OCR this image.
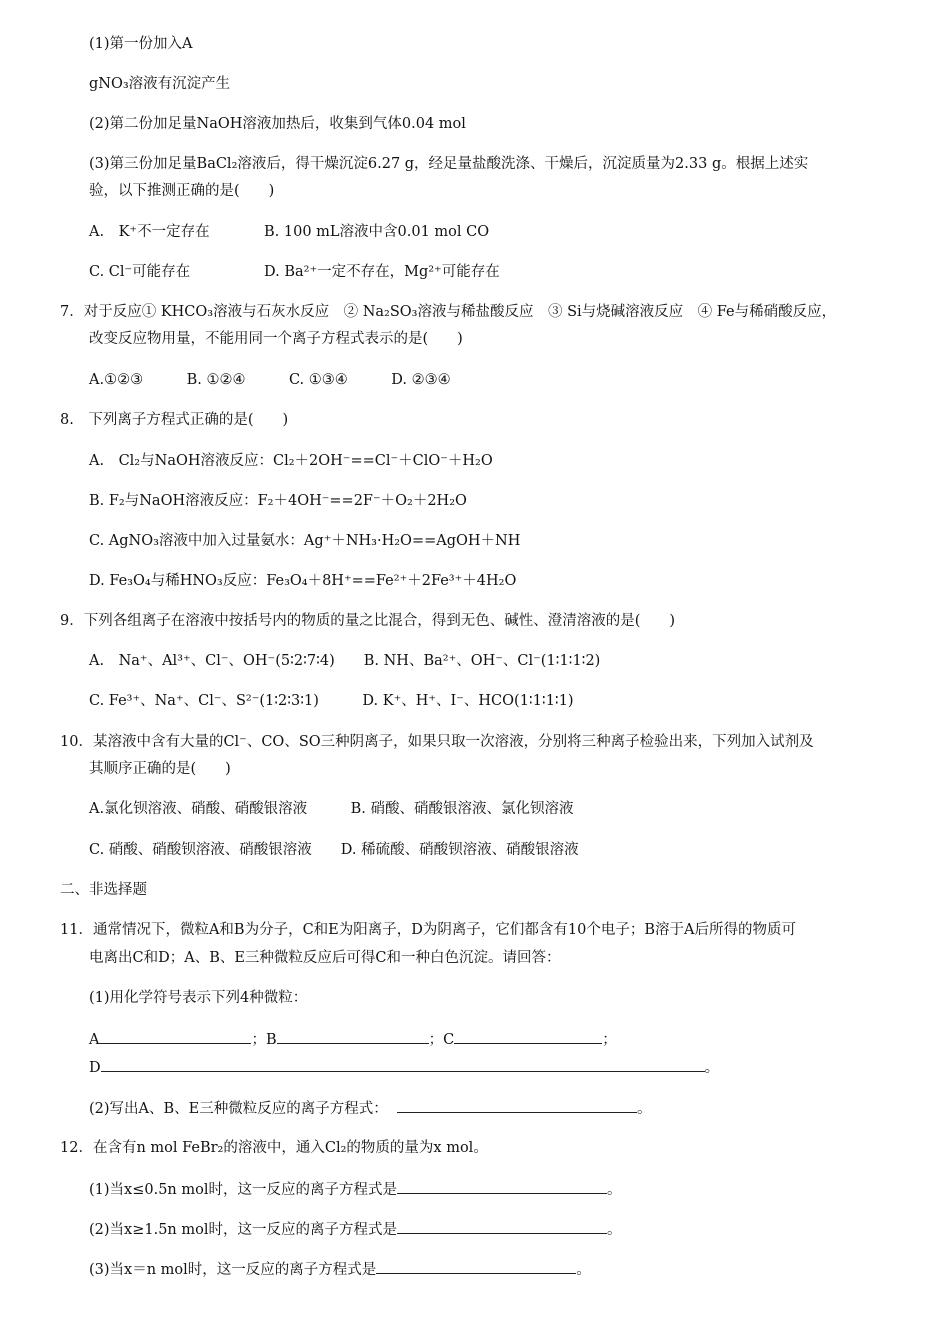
(1)第一份加入A
gNO₃溶液有沉淀产生
(2)第二份加足量NaOH溶液加热后，收集到气体0.04 mol
(3)第三份加足量BaCl₂溶液后，得干燥沉淀6.27 g，经足量盐酸洗涤、干燥后，沉淀质量为2.33 g。根据上述实
验，以下推测正确的是(　　)
A.　K⁺不一定存在	B. 100 mL溶液中含0.01 mol CO
C. Cl⁻可能存在	D. Ba²⁺一定不存在，Mg²⁺可能存在
7．对于反应① KHCO₃溶液与石灰水反应　② Na₂SO₃溶液与稀盐酸反应　③ Si与烧碱溶液反应　④ Fe与稀硝酸反应，
改变反应物用量，不能用同一个离子方程式表示的是(　　)
A.①②③　　　B. ①②④　　　C. ①③④　　　D. ②③④
8.　下列离子方程式正确的是(　　)
A.　Cl₂与NaOH溶液反应：Cl₂＋2OH⁻==Cl⁻＋ClO⁻＋H₂O
B. F₂与NaOH溶液反应：F₂＋4OH⁻==2F⁻＋O₂＋2H₂O
C. AgNO₃溶液中加入过量氨水：Ag⁺＋NH₃·H₂O==AgOH＋NH
D. Fe₃O₄与稀HNO₃反应：Fe₃O₄＋8H⁺==Fe²⁺＋2Fe³⁺＋4H₂O
9．下列各组离子在溶液中按括号内的物质的量之比混合，得到无色、碱性、澄清溶液的是(　　)
A.　Na⁺、Al³⁺、Cl⁻、OH⁻(5∶2∶7∶4)　　B. NH、Ba²⁺、OH⁻、Cl⁻(1∶1∶1∶2)
C. Fe³⁺、Na⁺、Cl⁻、S²⁻(1∶2∶3∶1)　　　D. K⁺、H⁺、I⁻、HCO(1∶1∶1∶1)
10．某溶液中含有大量的Cl⁻、CO、SO三种阴离子，如果只取一次溶液，分别将三种离子检验出来，下列加入试剂及
其顺序正确的是(　　)
A.氯化钡溶液、硝酸、硝酸银溶液　　　B. 硝酸、硝酸银溶液、氯化钡溶液
C. 硝酸、硝酸钡溶液、硝酸银溶液　　D. 稀硫酸、硝酸钡溶液、硝酸银溶液
二、非选择题
11．通常情况下，微粒A和B为分子，C和E为阳离子，D为阴离子，它们都含有10个电子；B溶于A后所得的物质可
电离出C和D；A、B、E三种微粒反应后可得C和一种白色沉淀。请回答：
(1)用化学符号表示下列4种微粒：
A	；B	；C	；
D	。
(2)写出A、B、E三种微粒反应的离子方程式：	。
12．在含有n mol FeBr₂的溶液中，通入Cl₂的物质的量为x mol。
(1)当x≤0.5n mol时，这一反应的离子方程式是	。
(2)当x≥1.5n mol时，这一反应的离子方程式是	。
(3)当x＝n mol时，这一反应的离子方程式是	。
